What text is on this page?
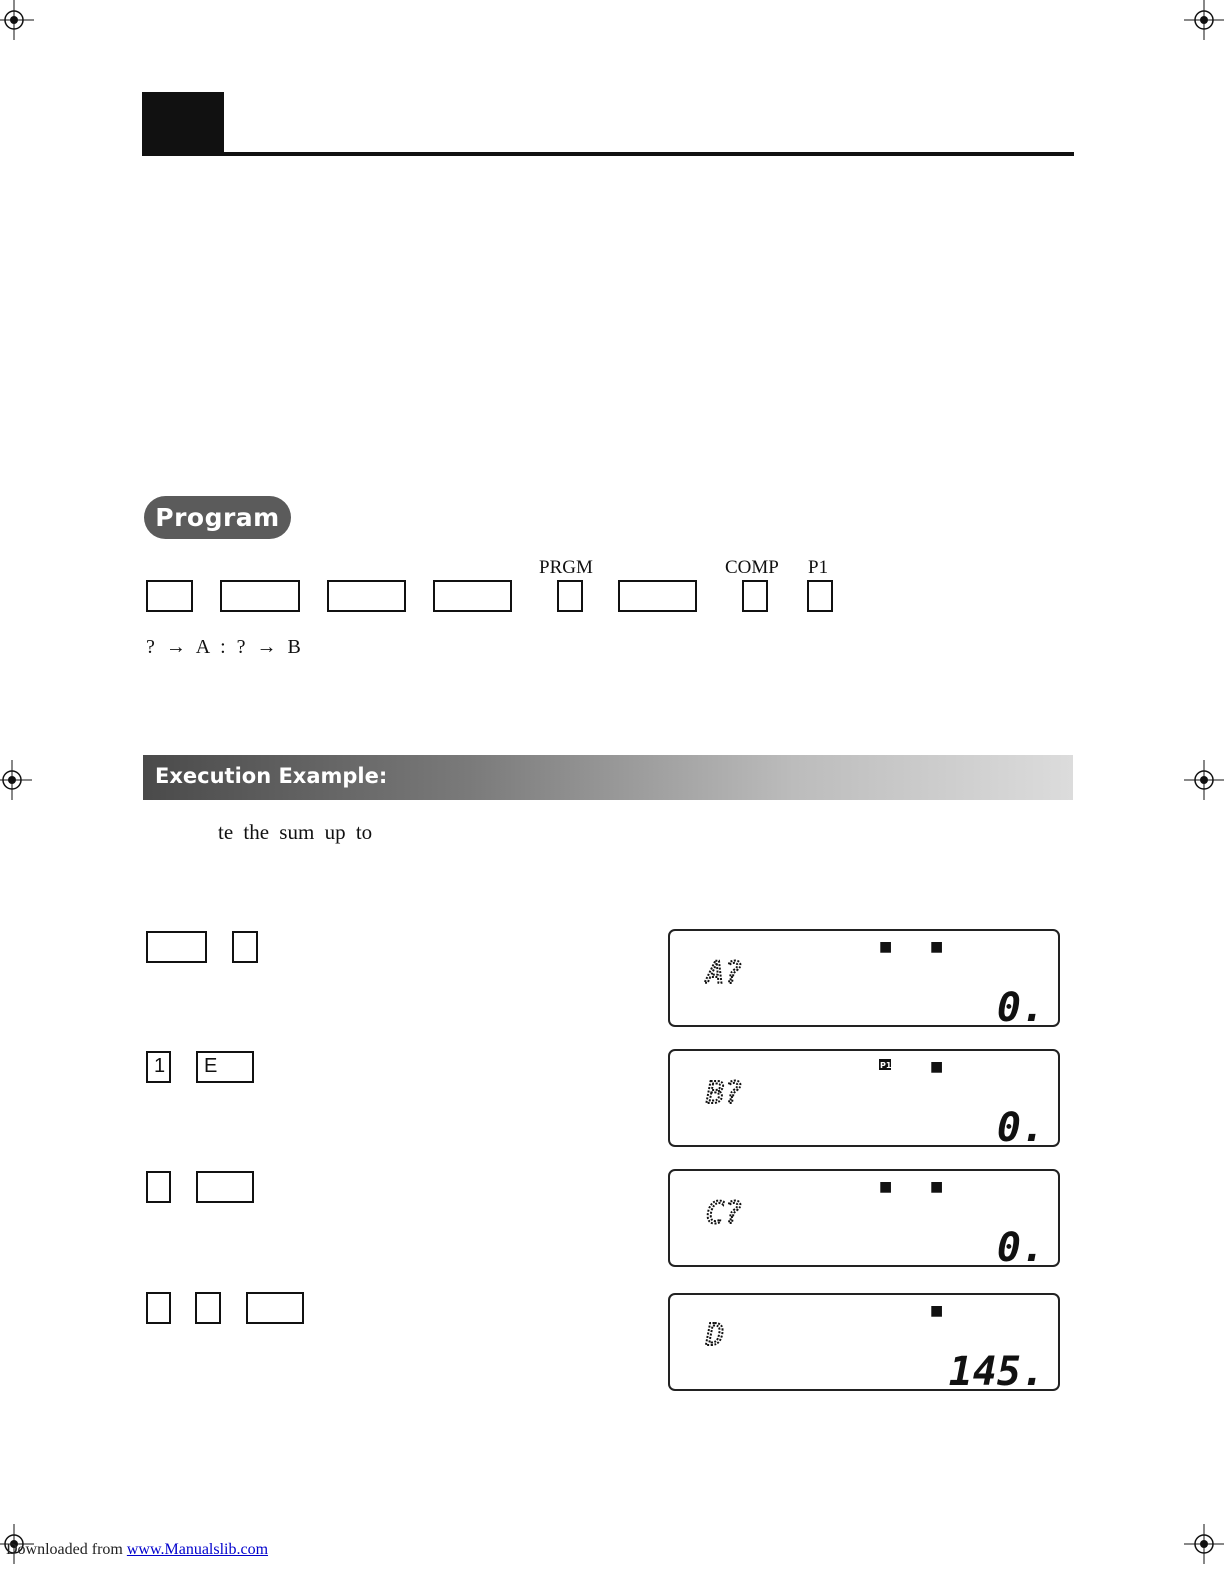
Program
PRGM	COMP P1
? → A : ? → B
Execution Example:
te the sum up to
1 E
■	■
A?
0.
P1	■
B?
0.
■	■
C?
0.
■
D
145.
Downloaded from www.Manualslib.com
